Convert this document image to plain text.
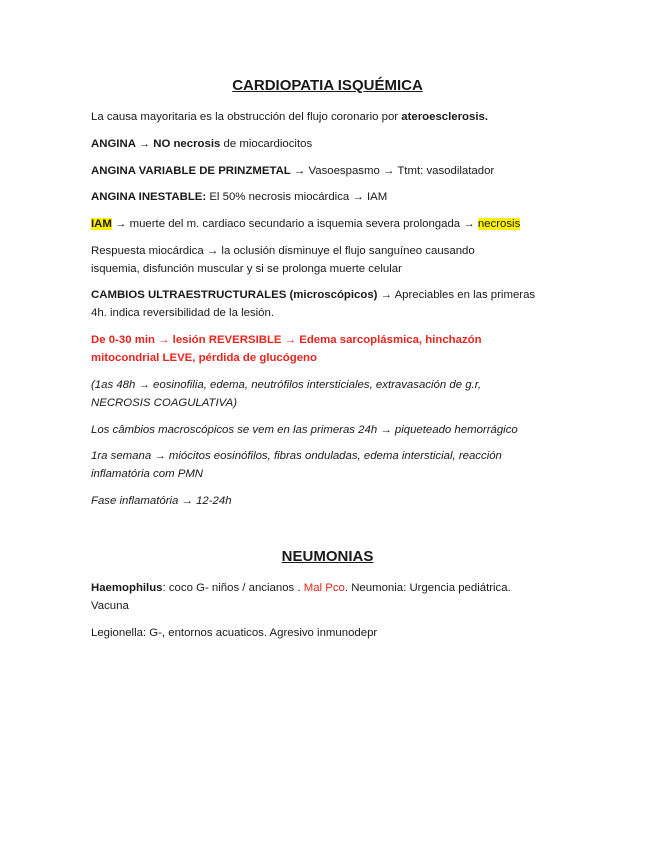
CARDIOPATIA ISQUÉMICA
La causa mayoritaria es la obstrucción del flujo coronario por ateroesclerosis.
ANGINA → NO necrosis de miocardiocitos
ANGINA VARIABLE DE PRINZMETAL → Vasoespasmo → Ttmt: vasodilatador
ANGINA INESTABLE: El 50% necrosis miocárdica → IAM
IAM → muerte del m. cardiaco secundario a isquemia severa prolongada → necrosis
Respuesta miocárdica → la oclusión disminuye el flujo sanguíneo causando
isquemia, disfunción muscular y si se prolonga muerte celular
CAMBIOS ULTRAESTRUCTURALES (microscópicos) → Apreciables en las primeras
4h. indica reversibilidad de la lesión.
De 0-30 min → lesión REVERSIBLE → Edema sarcoplásmica, hinchazón
mitocondrial LEVE, pérdida de glucógeno
(1as 48h → eosinofilia, edema, neutrófilos intersticiales, extravasación de g.r,
NECROSIS COAGULATIVA)
Los câmbios macroscópicos se vem en las primeras 24h → piqueteado hemorrágico
1ra semana → miócitos eosinófilos, fibras onduladas, edema intersticial, reacción
inflamatória com PMN
Fase inflamatória → 12-24h
NEUMONIAS
Haemophilus: coco G- niños / ancianos . Mal Pco. Neumonia: Urgencia pediátrica.
Vacuna
Legionella: G-, entornos acuaticos. Agresivo inmunodepr
